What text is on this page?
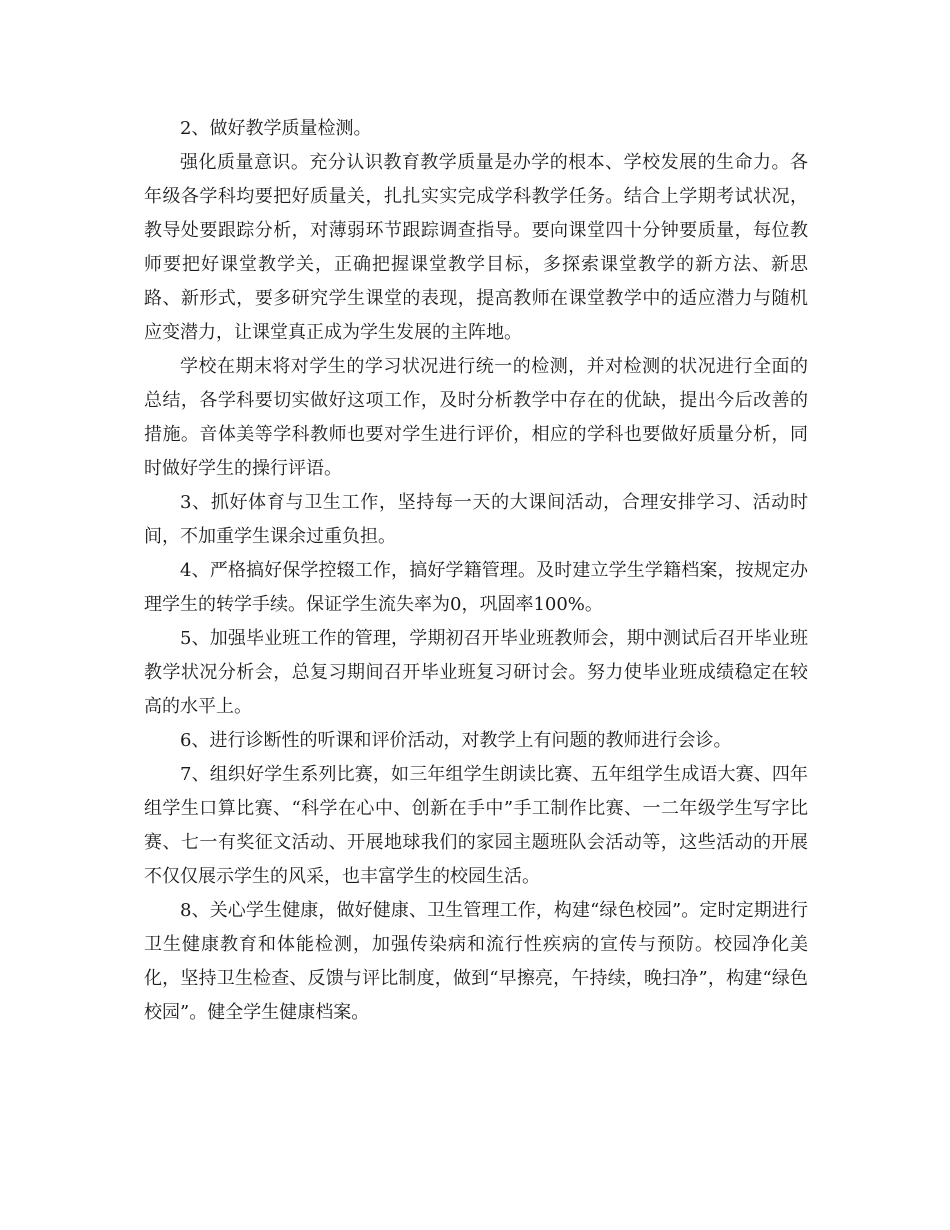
2、做好教学质量检测。

强化质量意识。充分认识教育教学质量是办学的根本、学校发展的生命力。各年级各学科均要把好质量关，扎扎实实完成学科教学任务。结合上学期考试状况，教导处要跟踪分析，对薄弱环节跟踪调查指导。要向课堂四十分钟要质量，每位教师要把好课堂教学关，正确把握课堂教学目标，多探索课堂教学的新方法、新思路、新形式，要多研究学生课堂的表现，提高教师在课堂教学中的适应潜力与随机应变潜力，让课堂真正成为学生发展的主阵地。

学校在期末将对学生的学习状况进行统一的检测，并对检测的状况进行全面的总结，各学科要切实做好这项工作，及时分析教学中存在的优缺，提出今后改善的措施。音体美等学科教师也要对学生进行评价，相应的学科也要做好质量分析，同时做好学生的操行评语。

3、抓好体育与卫生工作，坚持每一天的大课间活动，合理安排学习、活动时间，不加重学生课余过重负担。

4、严格搞好保学控辍工作，搞好学籍管理。及时建立学生学籍档案，按规定办理学生的转学手续。保证学生流失率为0，巩固率100%。

5、加强毕业班工作的管理，学期初召开毕业班教师会，期中测试后召开毕业班教学状况分析会，总复习期间召开毕业班复习研讨会。努力使毕业班成绩稳定在较高的水平上。

6、进行诊断性的听课和评价活动，对教学上有问题的教师进行会诊。

7、组织好学生系列比赛，如三年组学生朗读比赛、五年组学生成语大赛、四年组学生口算比赛、“科学在心中、创新在手中”手工制作比赛、一二年级学生写字比赛、七一有奖征文活动、开展地球我们的家园主题班队会活动等，这些活动的开展不仅仅展示学生的风采，也丰富学生的校园生活。

8、关心学生健康，做好健康、卫生管理工作，构建“绿色校园”。定时定期进行卫生健康教育和体能检测，加强传染病和流行性疾病的宣传与预防。校园净化美化，坚持卫生检查、反馈与评比制度，做到“早擦亮，午持续，晚扫净”，构建“绿色校园”。健全学生健康档案。
